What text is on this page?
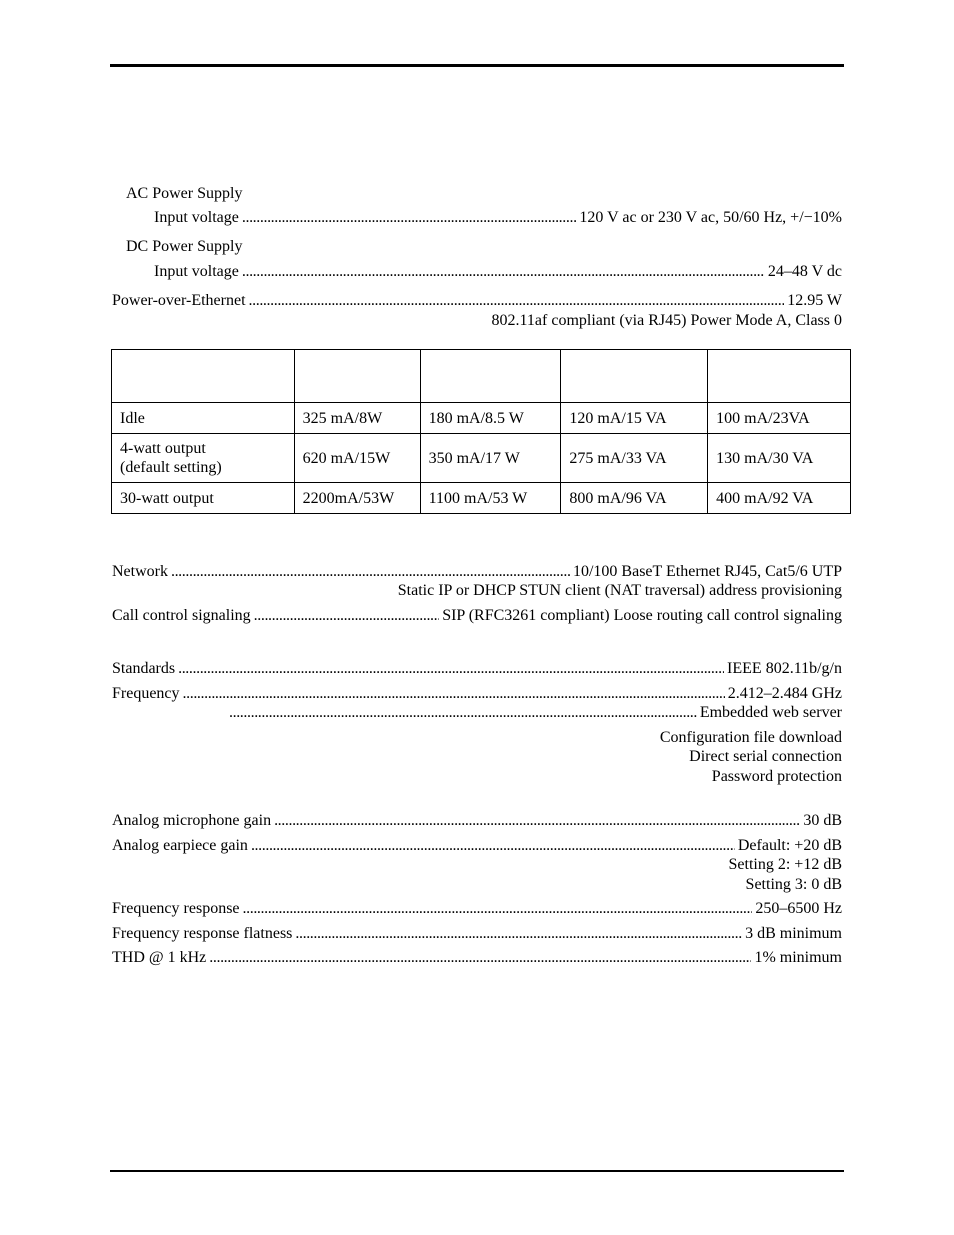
AC Power Supply
Input voltage . . .	120 V ac or 230 V ac, 50/60 Hz, +/−10%
DC Power Supply
Input voltage . . .	24–48 V dc
Power-over-Ethernet . . .	12.95 W
802.11af compliant (via RJ45) Power Mode A, Class 0

Idle	325 mA/8W	180 mA/8.5 W	120 mA/15 VA	100 mA/23VA

4-watt output
(default setting)	620 mA/15W	350 mA/17 W	275 mA/33 VA	130 mA/30 VA
30-watt output	2200mA/53W	1100 mA/53 W	800 mA/96 VA	400 mA/92 VA
Network . . .	10/100 BaseT Ethernet RJ45, Cat5/6 UTP
Static IP or DHCP STUN client (NAT traversal) address provisioning
Call control signaling . . .	SIP (RFC3261 compliant) Loose routing call control signaling
Standards . . .	IEEE 802.11b/g/n
Frequency . . .	2.412–2.484 GHz
. . .
Embedded web server
Configuration file download
Direct serial connection
Password protection
Analog microphone gain . . .	30 dB
Analog earpiece gain . . .	Default: +20 dB
Setting 2: +12 dB
Setting 3: 0 dB
Frequency response . . .	250–6500 Hz
Frequency response flatness . . .	3 dB minimum
THD @ 1 kHz . . .	1% minimum
